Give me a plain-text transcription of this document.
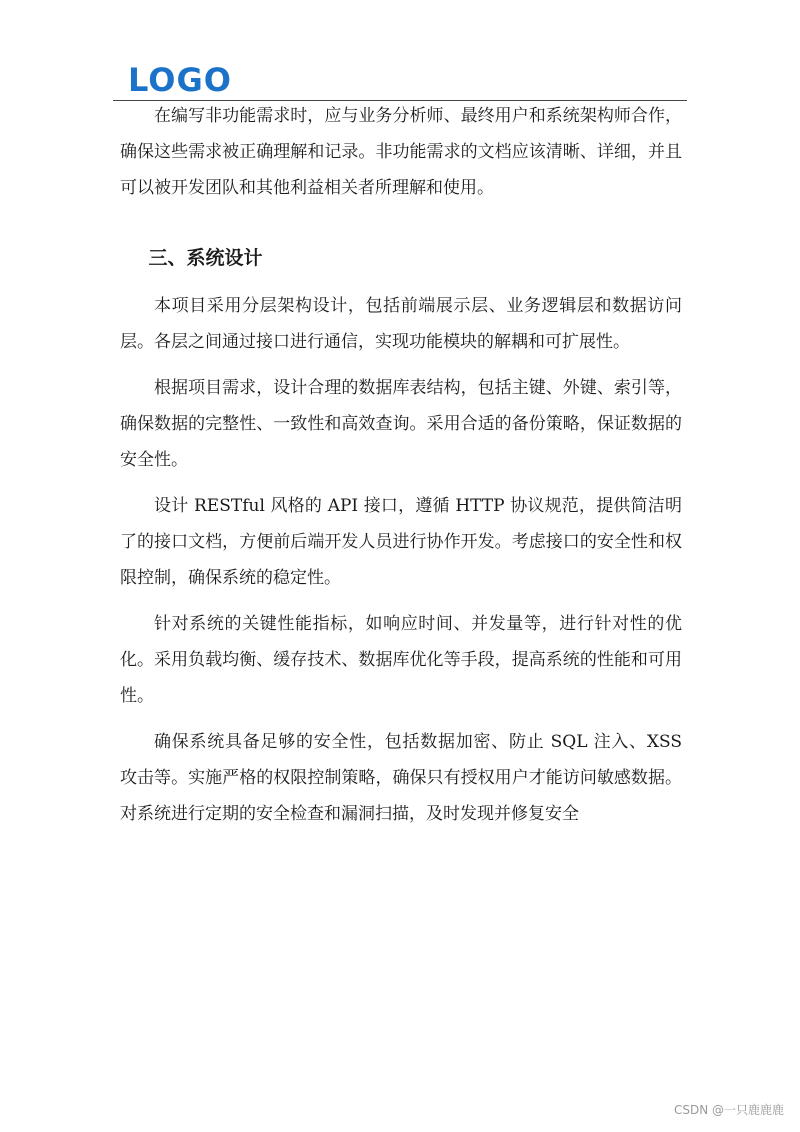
LOGO

在编写非功能需求时，应与业务分析师、最终用户和系统架构师合作，确保这些需求被正确理解和记录。非功能需求的文档应该清晰、详细，并且可以被开发团队和其他利益相关者所理解和使用。

三、系统设计

本项目采用分层架构设计，包括前端展示层、业务逻辑层和数据访问层。各层之间通过接口进行通信，实现功能模块的解耦和可扩展性。

根据项目需求，设计合理的数据库表结构，包括主键、外键、索引等，确保数据的完整性、一致性和高效查询。采用合适的备份策略，保证数据的安全性。

设计 RESTful 风格的 API 接口，遵循 HTTP 协议规范，提供简洁明了的接口文档，方便前后端开发人员进行协作开发。考虑接口的安全性和权限控制，确保系统的稳定性。

针对系统的关键性能指标，如响应时间、并发量等，进行针对性的优化。采用负载均衡、缓存技术、数据库优化等手段，提高系统的性能和可用性。

确保系统具备足够的安全性，包括数据加密、防止 SQL 注入、XSS 攻击等。实施严格的权限控制策略，确保只有授权用户才能访问敏感数据。对系统进行定期的安全检查和漏洞扫描，及时发现并修复安全

CSDN @一只鹿鹿鹿
